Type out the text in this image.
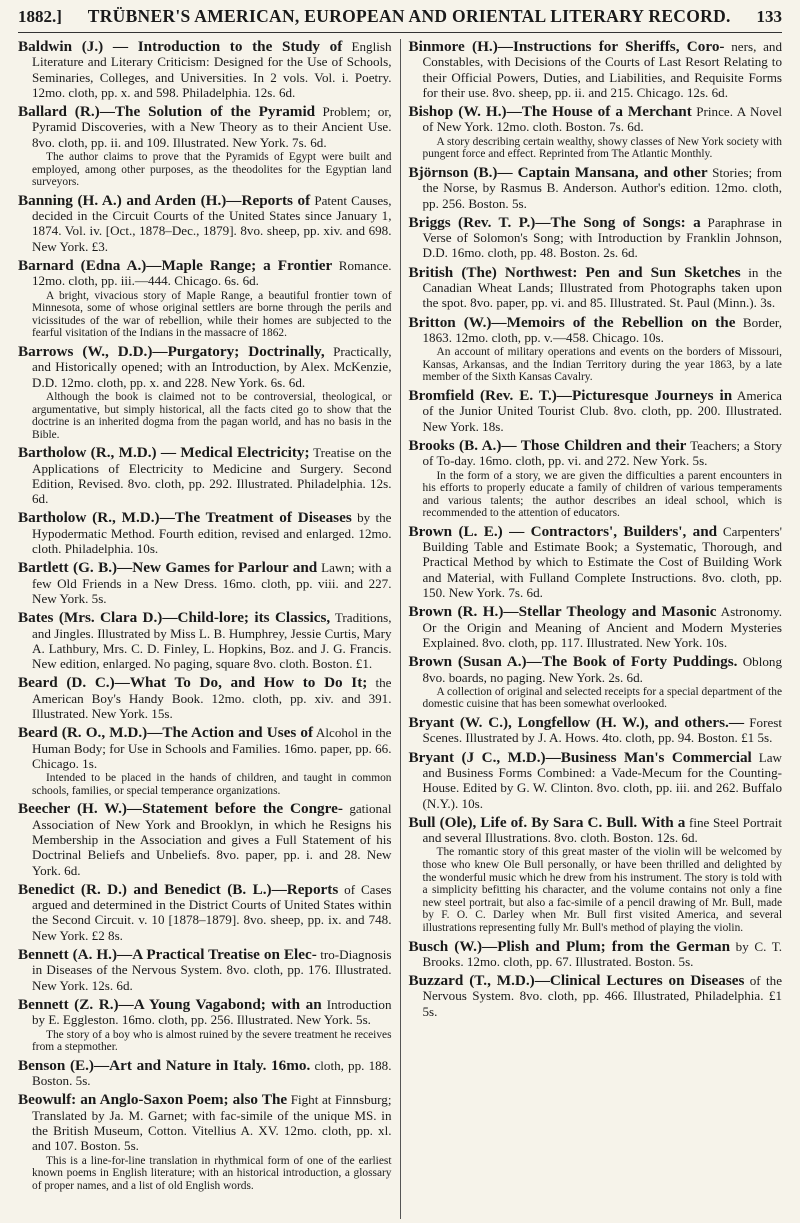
1882.] TRÜBNER'S AMERICAN, EUROPEAN AND ORIENTAL LITERARY RECORD. 133

Baldwin (J.) — Introduction to the Study of English Literature and Literary Criticism: Designed for the Use of Schools, Seminaries, Colleges, and Universities. In 2 vols. Vol. i. Poetry. 12mo. cloth, pp. x. and 598. Philadelphia. 12s. 6d.

Ballard (R.)—The Solution of the Pyramid Problem; or, Pyramid Discoveries, with a New Theory as to their Ancient Use. 8vo. cloth, pp. ii. and 109. Illustrated. New York. 7s. 6d.
The author claims to prove that the Pyramids of Egypt were built and employed, among other purposes, as the theodolites for the Egyptian land surveyors.

Banning (H. A.) and Arden (H.)—Reports of Patent Causes, decided in the Circuit Courts of the United States since January 1, 1874. Vol. iv. [Oct., 1878–Dec., 1879]. 8vo. sheep, pp. xiv. and 698. New York. £3.

Barnard (Edna A.)—Maple Range; a Frontier Romance. 12mo. cloth, pp. iii.—444. Chicago. 6s. 6d.
A bright, vivacious story of Maple Range, a beautiful frontier town of Minnesota, some of whose original settlers are borne through the perils and vicissitudes of the war of rebellion, while their homes are subjected to the fearful visitation of the Indians in the massacre of 1862.

Barrows (W., D.D.)—Purgatory; Doctrinally, Practically, and Historically opened; with an Introduction, by Alex. McKenzie, D.D. 12mo. cloth, pp. x. and 228. New York. 6s. 6d.
Although the book is claimed not to be controversial, theological, or argumentative, but simply historical, all the facts cited go to show that the doctrine is an inherited dogma from the pagan world, and has no basis in the Bible.

Bartholow (R., M.D.) — Medical Electricity; Treatise on the Applications of Electricity to Medicine and Surgery. Second Edition, Revised. 8vo. cloth, pp. 292. Illustrated. Philadelphia. 12s. 6d.

Bartholow (R., M.D.)—The Treatment of Diseases by the Hypodermatic Method. Fourth edition, revised and enlarged. 12mo. cloth. Philadelphia. 10s.

Bartlett (G. B.)—New Games for Parlour and Lawn; with a few Old Friends in a New Dress. 16mo. cloth, pp. viii. and 227. New York. 5s.

Bates (Mrs. Clara D.)—Child-lore; its Classics, Traditions, and Jingles. Illustrated by Miss L. B. Humphrey, Jessie Curtis, Mary A. Lathbury, Mrs. C. D. Finley, L. Hopkins, Boz. and J. G. Francis. New edition, enlarged. No paging, square 8vo. cloth. Boston. £1.

Beard (D. C.)—What To Do, and How to Do It; the American Boy's Handy Book. 12mo. cloth, pp. xiv. and 391. Illustrated. New York. 15s.

Beard (R. O., M.D.)—The Action and Uses of Alcohol in the Human Body; for Use in Schools and Families. 16mo. paper, pp. 66. Chicago. 1s.
Intended to be placed in the hands of children, and taught in common schools, families, or special temperance organizations.

Beecher (H. W.)—Statement before the Congre- gational Association of New York and Brooklyn, in which he Resigns his Membership in the Association and gives a Full Statement of his Doctrinal Beliefs and Unbeliefs. 8vo. paper, pp. i. and 28. New York. 6d.

Benedict (R. D.) and Benedict (B. L.)—Reports of Cases argued and determined in the District Courts of United States within the Second Circuit. v. 10 [1878–1879]. 8vo. sheep, pp. ix. and 748. New York. £2 8s.

Bennett (A. H.)—A Practical Treatise on Elec- tro-Diagnosis in Diseases of the Nervous System. 8vo. cloth, pp. 176. Illustrated. New York. 12s. 6d.

Bennett (Z. R.)—A Young Vagabond; with an Introduction by E. Eggleston. 16mo. cloth, pp. 256. Illustrated. New York. 5s.
The story of a boy who is almost ruined by the severe treatment he receives from a stepmother.

Benson (E.)—Art and Nature in Italy. 16mo. cloth, pp. 188. Boston. 5s.

Beowulf: an Anglo-Saxon Poem; also The Fight at Finnsburg; Translated by Ja. M. Garnet; with fac-simile of the unique MS. in the British Museum, Cotton. Vitellius A. XV. 12mo. cloth, pp. xl. and 107. Boston. 5s.
This is a line-for-line translation in rhythmical form of one of the earliest known poems in English literature; with an historical introduction, a glossary of proper names, and a list of old English words.

Binmore (H.)—Instructions for Sheriffs, Coro- ners, and Constables, with Decisions of the Courts of Last Resort Relating to their Official Powers, Duties, and Liabilities, and Requisite Forms for their use. 8vo. sheep, pp. ii. and 215. Chicago. 12s. 6d.

Bishop (W. H.)—The House of a Merchant Prince. A Novel of New York. 12mo. cloth. Boston. 7s. 6d.
A story describing certain wealthy, showy classes of New York society with pungent force and effect. Reprinted from The Atlantic Monthly.

Björnson (B.)— Captain Mansana, and other Stories; from the Norse, by Rasmus B. Anderson. Author's edition. 12mo. cloth, pp. 256. Boston. 5s.

Briggs (Rev. T. P.)—The Song of Songs: a Paraphrase in Verse of Solomon's Song; with Introduction by Franklin Johnson, D.D. 16mo. cloth, pp. 48. Boston. 2s. 6d.

British (The) Northwest: Pen and Sun Sketches in the Canadian Wheat Lands; Illustrated from Photographs taken upon the spot. 8vo. paper, pp. vi. and 85. Illustrated. St. Paul (Minn.). 3s.

Britton (W.)—Memoirs of the Rebellion on the Border, 1863. 12mo. cloth, pp. v.—458. Chicago. 10s.
An account of military operations and events on the borders of Missouri, Kansas, Arkansas, and the Indian Territory during the year 1863, by a late member of the Sixth Kansas Cavalry.

Bromfield (Rev. E. T.)—Picturesque Journeys in America of the Junior United Tourist Club. 8vo. cloth, pp. 200. Illustrated. New York. 18s.

Brooks (B. A.)— Those Children and their Teachers; a Story of To-day. 16mo. cloth, pp. vi. and 272. New York. 5s.
In the form of a story, we are given the difficulties a parent encounters in his efforts to properly educate a family of children of various temperaments and various talents; the author describes an ideal school, which is recommended to the attention of educators.

Brown (L. E.) — Contractors', Builders', and Carpenters' Building Table and Estimate Book; a Systematic, Thorough, and Practical Method by which to Estimate the Cost of Building Work and Material, with Fulland Complete Instructions. 8vo. cloth, pp. 150. New York. 7s. 6d.

Brown (R. H.)—Stellar Theology and Masonic Astronomy. Or the Origin and Meaning of Ancient and Modern Mysteries Explained. 8vo. cloth, pp. 117. Illustrated. New York. 10s.

Brown (Susan A.)—The Book of Forty Puddings. Oblong 8vo. boards, no paging. New York. 2s. 6d.
A collection of original and selected receipts for a special department of the domestic cuisine that has been somewhat overlooked.

Bryant (W. C.), Longfellow (H. W.), and others.— Forest Scenes. Illustrated by J. A. Hows. 4to. cloth, pp. 94. Boston. £1 5s.

Bryant (J C., M.D.)—Business Man's Commercial Law and Business Forms Combined: a Vade-Mecum for the Counting-House. Edited by G. W. Clinton. 8vo. cloth, pp. iii. and 262. Buffalo (N.Y.). 10s.

Bull (Ole), Life of. By Sara C. Bull. With a fine Steel Portrait and several Illustrations. 8vo. cloth. Boston. 12s. 6d.
The romantic story of this great master of the violin will be welcomed by those who knew Ole Bull personally, or have been thrilled and delighted by the wonderful music which he drew from his instrument. The story is told with a simplicity befitting his character, and the volume contains not only a fine new steel portrait, but also a fac-simile of a pencil drawing of Mr. Bull, made by F. O. C. Darley when Mr. Bull first visited America, and several illustrations representing fully Mr. Bull's method of playing the violin.

Busch (W.)—Plish and Plum; from the German by C. T. Brooks. 12mo. cloth, pp. 67. Illustrated. Boston. 5s.

Buzzard (T., M.D.)—Clinical Lectures on Diseases of the Nervous System. 8vo. cloth, pp. 466. Illustrated, Philadelphia. £1 5s.
